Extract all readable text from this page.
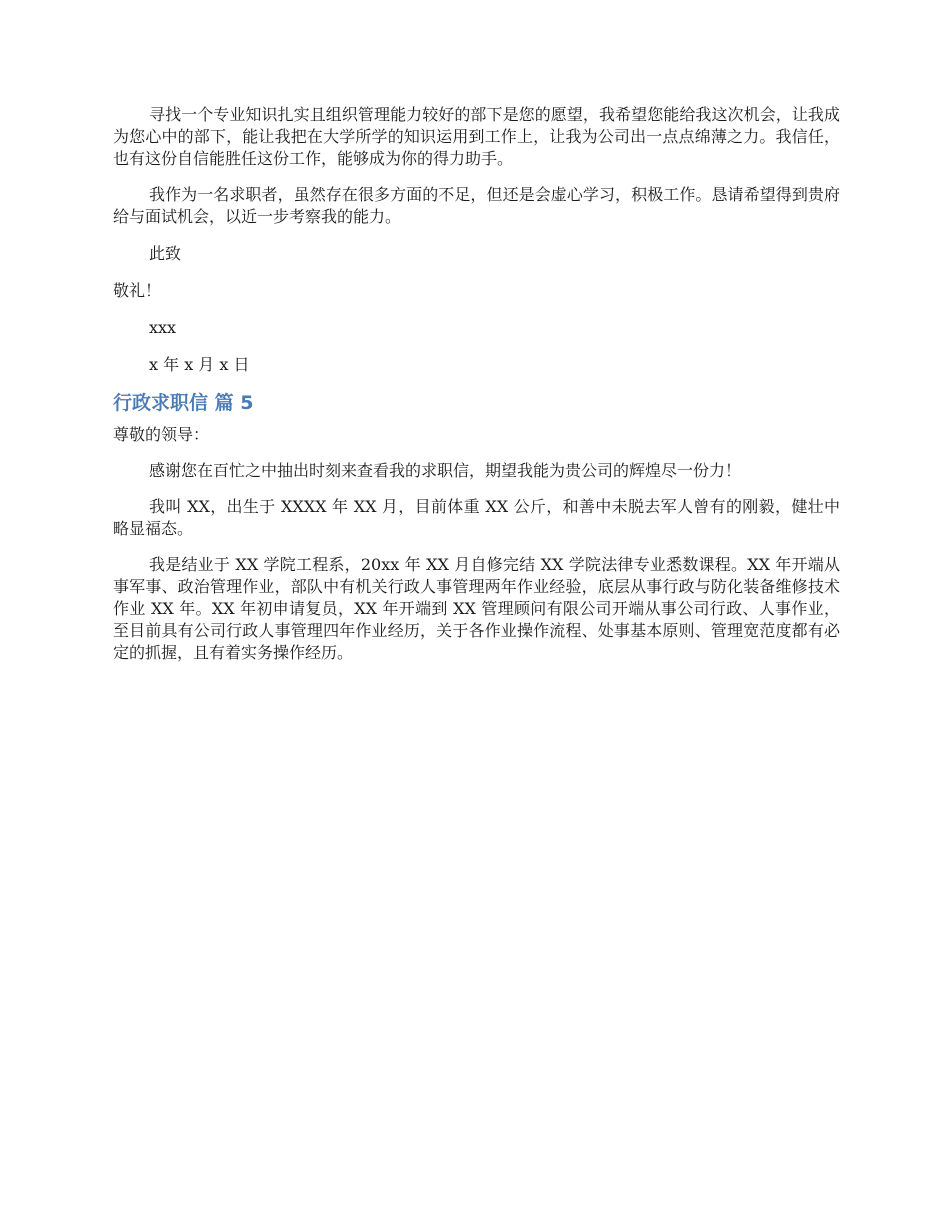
寻找一个专业知识扎实且组织管理能力较好的部下是您的愿望，我希望您能给我这次机会，让我成为您心中的部下，能让我把在大学所学的知识运用到工作上，让我为公司出一点点绵薄之力。我信任，也有这份自信能胜任这份工作，能够成为你的得力助手。

我作为一名求职者，虽然存在很多方面的不足，但还是会虚心学习，积极工作。恳请希望得到贵府给与面试机会，以近一步考察我的能力。

此致

敬礼！

xxx

x 年 x 月 x 日

行政求职信 篇 5

尊敬的领导：

感谢您在百忙之中抽出时刻来查看我的求职信，期望我能为贵公司的辉煌尽一份力！

我叫 XX，出生于 XXXX 年 XX 月，目前体重 XX 公斤，和善中未脱去军人曾有的刚毅，健壮中略显福态。

我是结业于 XX 学院工程系，20xx 年 XX 月自修完结 XX 学院法律专业悉数课程。XX 年开端从事军事、政治管理作业，部队中有机关行政人事管理两年作业经验，底层从事行政与防化装备维修技术作业 XX 年。XX 年初申请复员，XX 年开端到 XX 管理顾问有限公司开端从事公司行政、人事作业，至目前具有公司行政人事管理四年作业经历，关于各作业操作流程、处事基本原则、管理宽范度都有必定的抓握，且有着实务操作经历。
